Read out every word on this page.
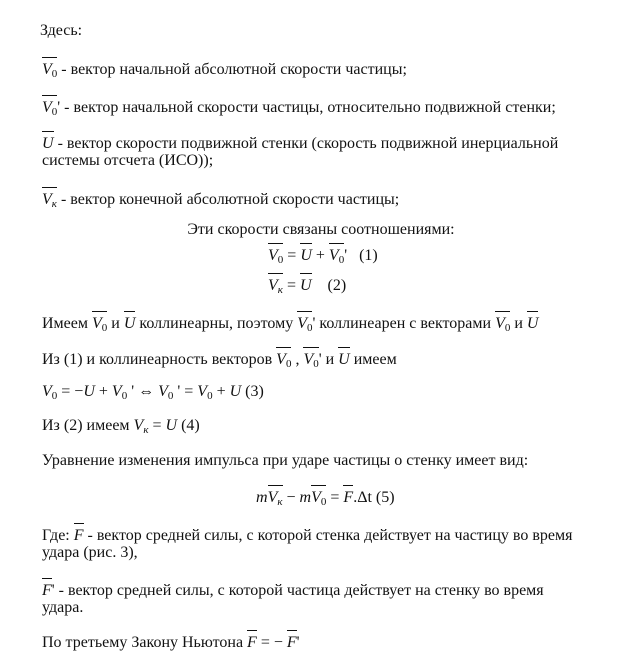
Здесь:
$V_0$ - вектор начальной абсолютной скорости частицы;
$V_0'$ - вектор начальной скорости частицы, относительно подвижной стенки;
U - вектор скорости подвижной стенки (скорость подвижной инерциальной
системы отсчета (ИСО));
$V_к$ - вектор конечной абсолютной скорости частицы;
Эти скорости связаны соотношениями:
$V_0 = U + V_0'$ (1)
$V_к = U$ (2)
Имеем $V_0$ и U коллинеарны, поэтому $V_0'$ коллинеарен с векторами $V_0$ и U
Из (1) и коллинеарность векторов $V_0$ , $V_0'$ и U имеем
$V_0 = -U + V_0$ ' ⇔ $V_0$ ' = $V_0 + U$ (3)
Из (2) имеем $V_к = U$ (4)
Уравнение изменения импульса при ударе частицы о стенку имеет вид:
$mV_к - mV_0 = F.\Delta t$ (5)
Где: F - вектор средней силы, с которой стенка действует на частицу во время
удара (рис. 3),
F' - вектор средней силы, с которой частица действует на стенку во время
удара.
По третьему Закону Ньютона F = − F'
